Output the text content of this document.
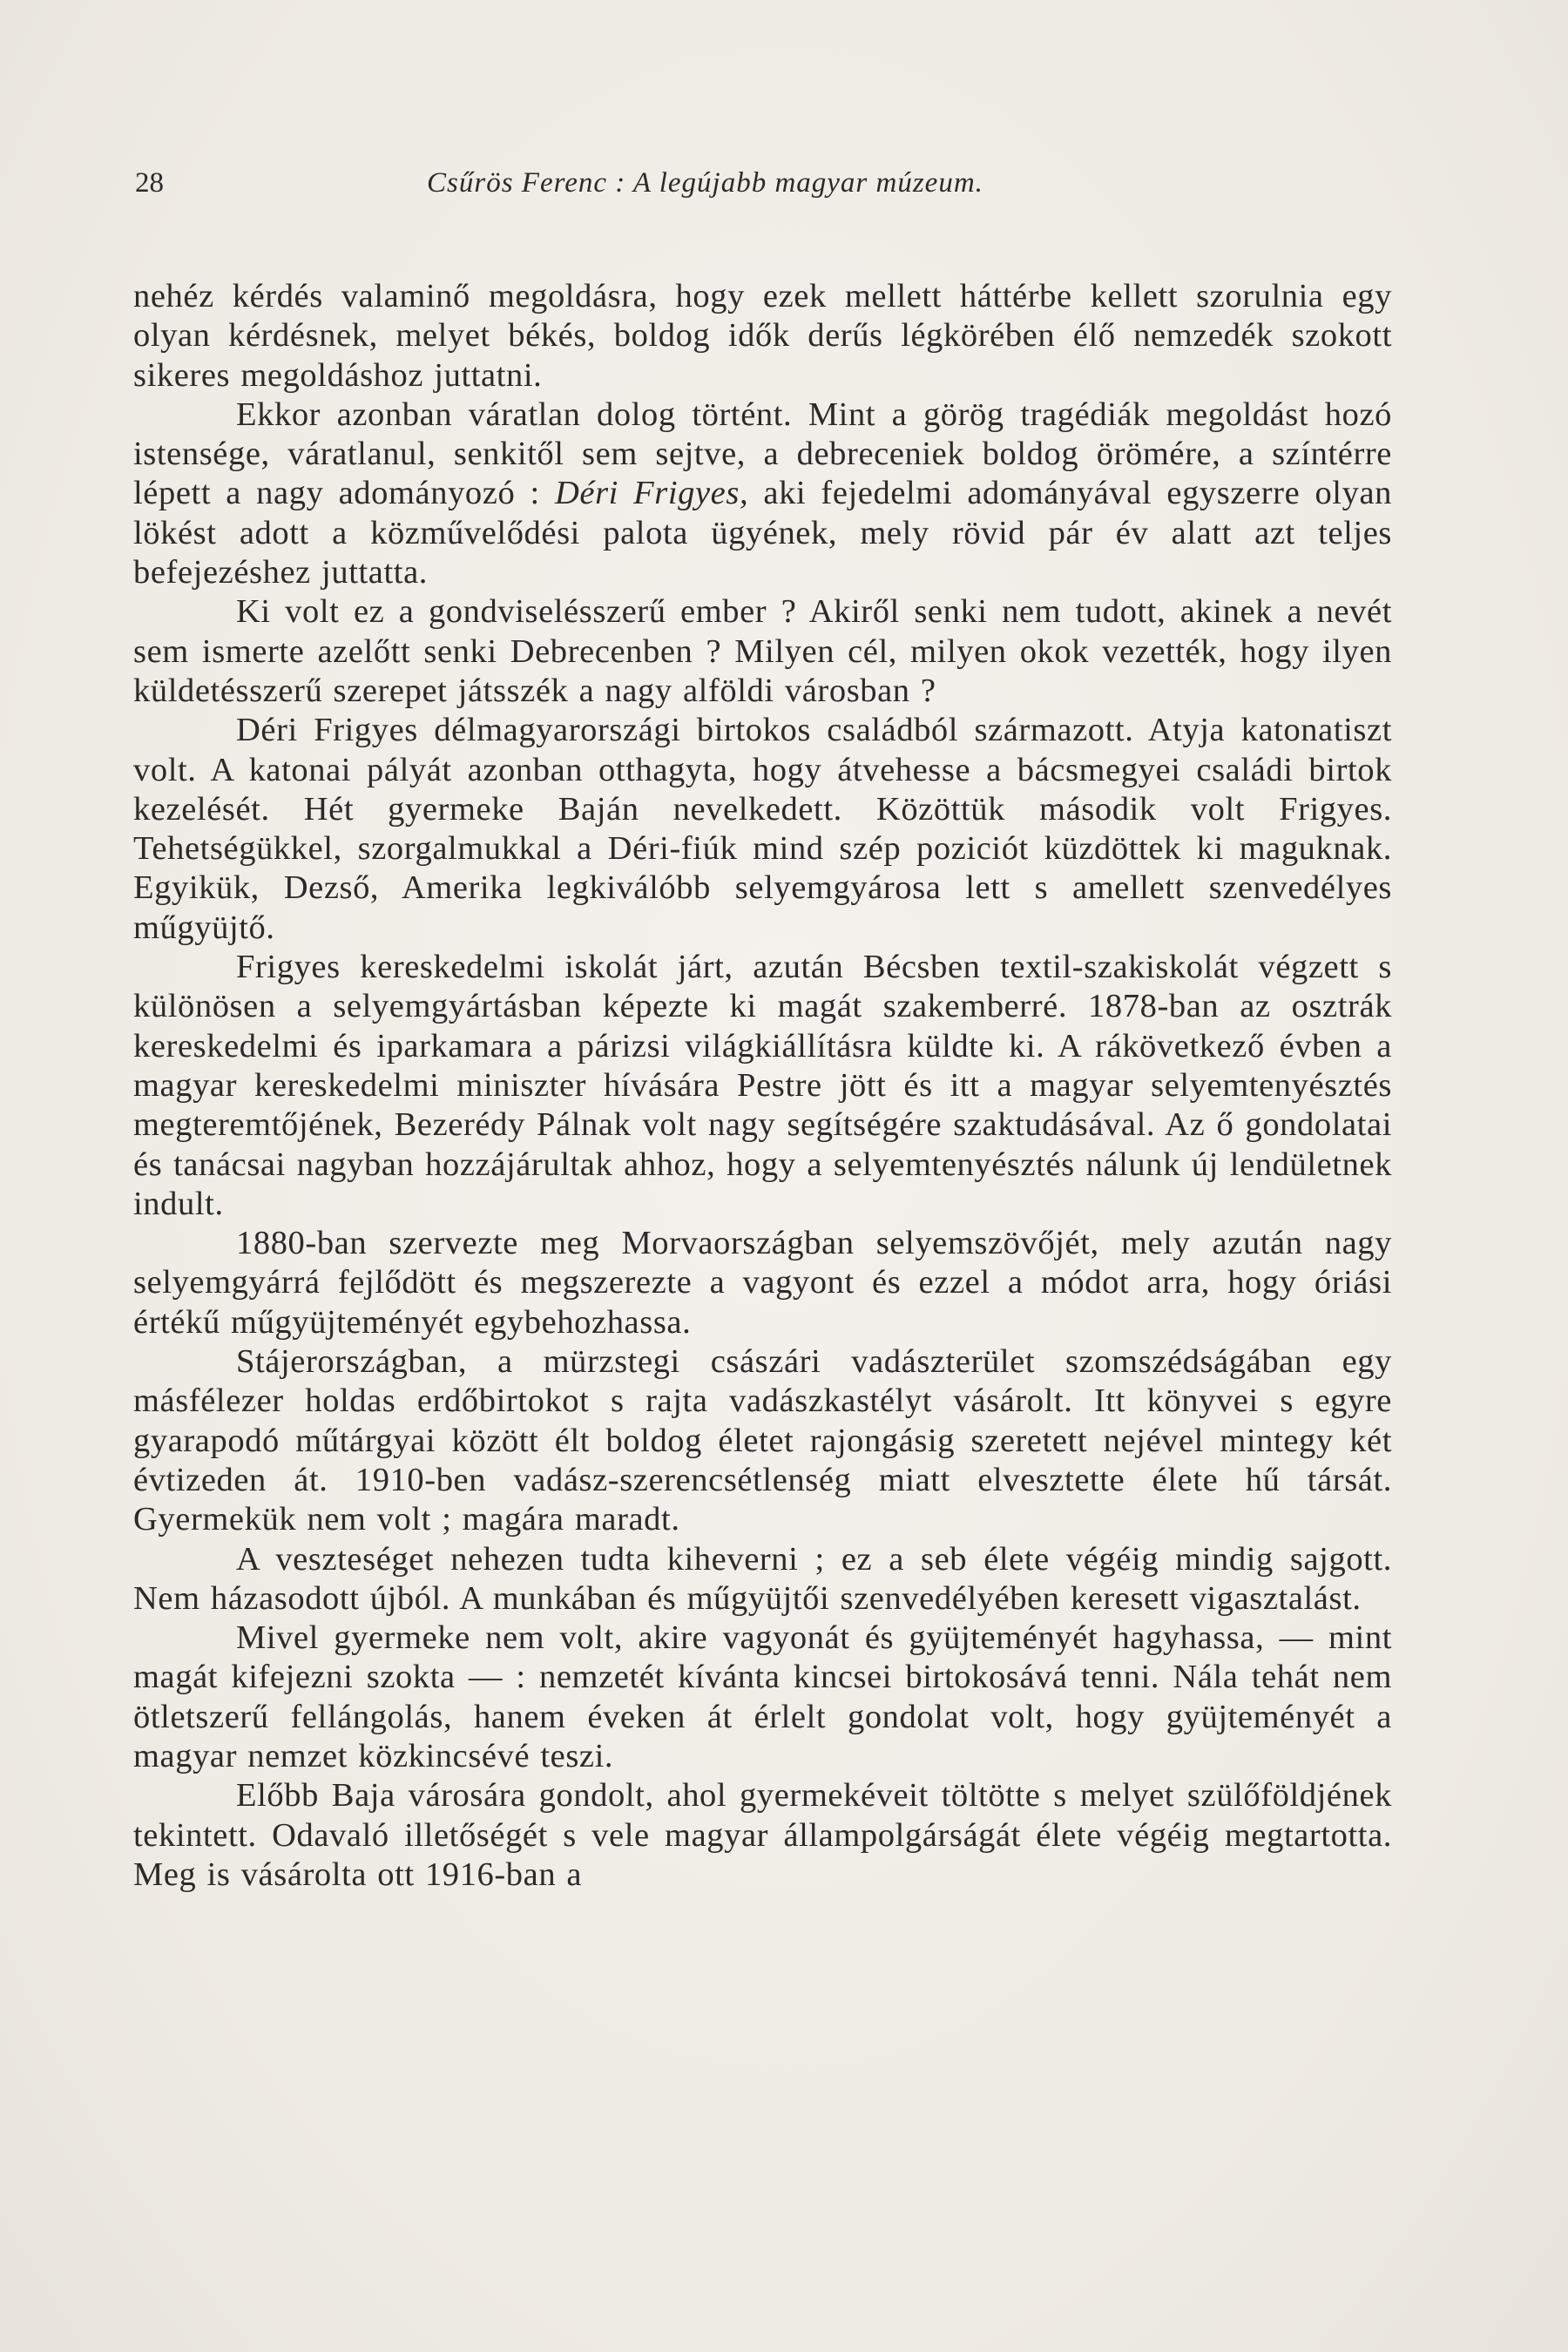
28	Csűrös Ferenc : A legújabb magyar múzeum.

nehéz kérdés valaminő megoldásra, hogy ezek mellett háttérbe kellett szorulnia egy olyan kérdésnek, melyet békés, boldog idők derűs légkörében élő nemzedék szokott sikeres megoldáshoz juttatni.

Ekkor azonban váratlan dolog történt. Mint a görög tragédiák megoldást hozó istensége, váratlanul, senkitől sem sejtve, a debreceniek boldog örömére, a színtérre lépett a nagy adományozó : Déri Frigyes, aki fejedelmi adományával egyszerre olyan lökést adott a közművelődési palota ügyének, mely rövid pár év alatt azt teljes befejezéshez juttatta.

Ki volt ez a gondviselésszerű ember ? Akiről senki nem tudott, akinek a nevét sem ismerte azelőtt senki Debrecenben ? Milyen cél, milyen okok vezették, hogy ilyen küldetésszerű szerepet játsszék a nagy alföldi városban ?

Déri Frigyes délmagyarországi birtokos családból származott. Atyja katonatiszt volt. A katonai pályát azonban otthagyta, hogy átvehesse a bácsmegyei családi birtok kezelését. Hét gyermeke Baján nevelkedett. Közöttük második volt Frigyes. Tehetségükkel, szorgalmukkal a Déri-fiúk mind szép poziciót küzdöttek ki maguknak. Egyikük, Dezső, Amerika legkiválóbb selyemgyárosa lett s amellett szenvedélyes műgyüjtő.

Frigyes kereskedelmi iskolát járt, azután Bécsben textil-szakiskolát végzett s különösen a selyemgyártásban képezte ki magát szakemberré. 1878-ban az osztrák kereskedelmi és iparkamara a párizsi világkiállításra küldte ki. A rákövetkező évben a magyar kereskedelmi miniszter hívására Pestre jött és itt a magyar selyemtenyésztés megteremtőjének, Bezerédy Pálnak volt nagy segítségére szaktudásával. Az ő gondolatai és tanácsai nagyban hozzájárultak ahhoz, hogy a selyemtenyésztés nálunk új lendületnek indult.

1880-ban szervezte meg Morvaországban selyemszövőjét, mely azután nagy selyemgyárrá fejlődött és megszerezte a vagyont és ezzel a módot arra, hogy óriási értékű műgyüjteményét egybehozhassa.

Stájerországban, a mürzstegi császári vadászterület szomszédságában egy másfélezer holdas erdőbirtokot s rajta vadászkastélyt vásárolt. Itt könyvei s egyre gyarapodó műtárgyai között élt boldog életet rajongásig szeretett nejével mintegy két évtizeden át. 1910-ben vadász-szerencsétlenség miatt elvesztette élete hű társát. Gyermekük nem volt ; magára maradt.

A veszteséget nehezen tudta kiheverni ; ez a seb élete végéig mindig sajgott. Nem házasodott újból. A munkában és műgyüjtői szenvedélyében keresett vigasztalást.

Mivel gyermeke nem volt, akire vagyonát és gyüjteményét hagyhassa, — mint magát kifejezni szokta — : nemzetét kívánta kincsei birtokosává tenni. Nála tehát nem ötletszerű fellángolás, hanem éveken át érlelt gondolat volt, hogy gyüjteményét a magyar nemzet közkincsévé teszi.

Előbb Baja városára gondolt, ahol gyermekéveit töltötte s melyet szülőföldjének tekintett. Odavaló illetőségét s vele magyar állampolgárságát élete végéig megtartotta. Meg is vásárolta ott 1916-ban a
